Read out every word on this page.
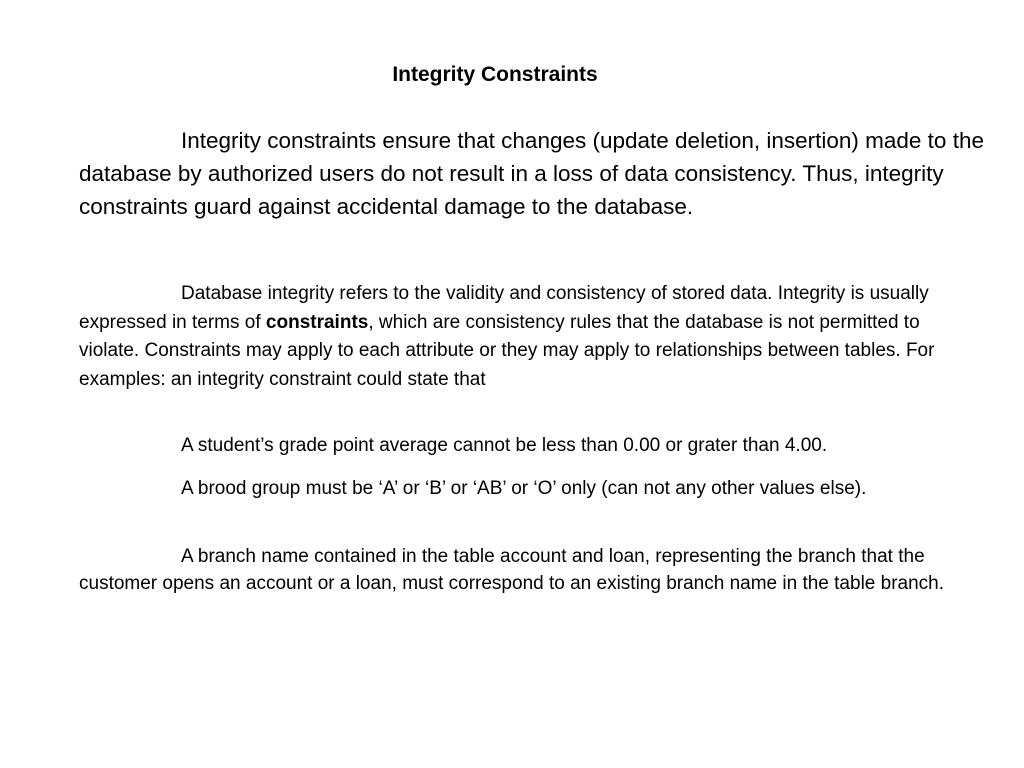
Integrity Constraints

Integrity constraints ensure that changes (update deletion, insertion) made to the database by authorized users do not result in a loss of data consistency. Thus, integrity constraints guard against accidental damage to the database.

Database integrity refers to the validity and consistency of stored data. Integrity is usually expressed in terms of constraints, which are consistency rules that the database is not permitted to violate. Constraints may apply to each attribute or they may apply to relationships between tables. For examples: an integrity constraint could state that

A student’s grade point average cannot be less than 0.00 or grater than 4.00.

A brood group must be ‘A’ or ‘B’ or ‘AB’ or ‘O’ only (can not any other values else).

A branch name contained in the table account and loan, representing the branch that the customer opens an account or a loan, must correspond to an existing branch name in the table branch.
